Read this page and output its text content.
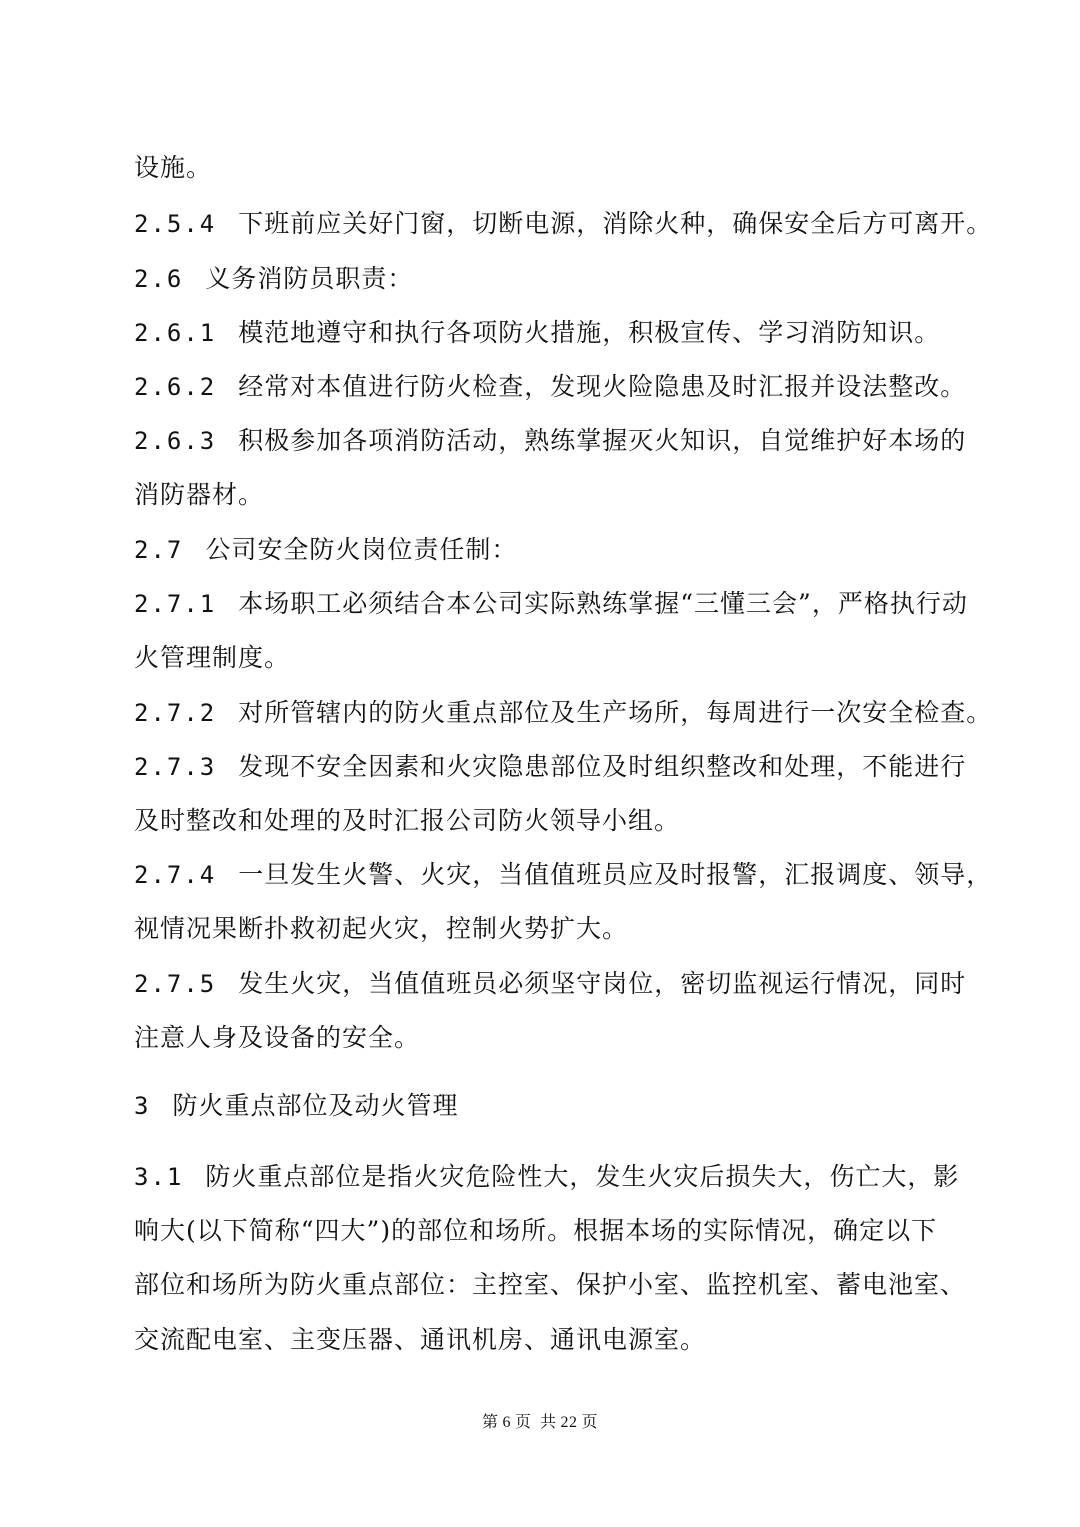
设施。
2.5.4 下班前应关好门窗，切断电源，消除火种，确保安全后方可离开。
2.6 义务消防员职责：
2.6.1 模范地遵守和执行各项防火措施，积极宣传、学习消防知识。
2.6.2 经常对本值进行防火检查，发现火险隐患及时汇报并设法整改。
2.6.3 积极参加各项消防活动，熟练掌握灭火知识，自觉维护好本场的
消防器材。
2.7 公司安全防火岗位责任制：
2.7.1 本场职工必须结合本公司实际熟练掌握“三懂三会”，严格执行动
火管理制度。
2.7.2 对所管辖内的防火重点部位及生产场所，每周进行一次安全检查。
2.7.3 发现不安全因素和火灾隐患部位及时组织整改和处理，不能进行
及时整改和处理的及时汇报公司防火领导小组。
2.7.4 一旦发生火警、火灾，当值值班员应及时报警，汇报调度、领导，
视情况果断扑救初起火灾，控制火势扩大。
2.7.5 发生火灾，当值值班员必须坚守岗位，密切监视运行情况，同时
注意人身及设备的安全。
3 防火重点部位及动火管理
3.1 防火重点部位是指火灾危险性大，发生火灾后损失大，伤亡大，影
响大(以下简称“四大”)的部位和场所。根据本场的实际情况，确定以下
部位和场所为防火重点部位：主控室、保护小室、监控机室、蓄电池室、
交流配电室、主变压器、通讯机房、通讯电源室。
第 6 页 共 22 页
